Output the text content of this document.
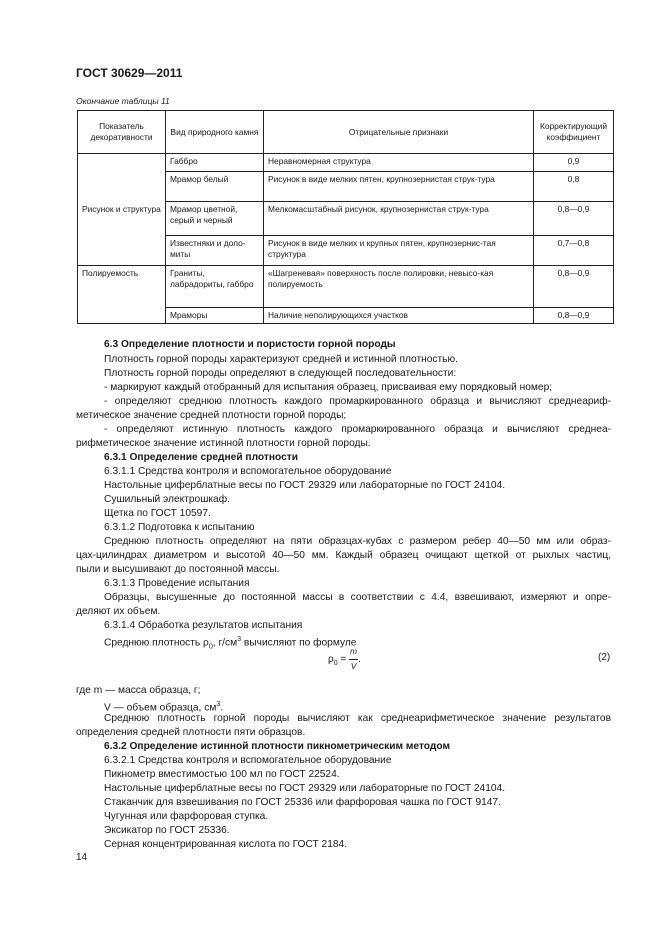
ГОСТ 30629—2011
Окончание таблицы 11
Показатель декоративности	Вид природного камня	Отрицательные признаки	Корректирующий коэффициент
Рисунок и структура	Габбро	Неравномерная структура	0,9
	Мрамор белый	Рисунок в виде мелких пятен, крупнозернистая струк-тура	0,8
	Мрамор цветной, серый и черный	Мелкомасштабный рисунок, крупнозернистая струк-тура	0,8—0,9
	Известняки и доло-миты	Рисунок в виде мелких и крупных пятен, крупнозернис-тая структура	0,7—0,8
Полируемость	Граниты, лабрадориты, габбро	«Шагреневая» поверхность после полировки, невысо-кая полируемость	0,8—0,9
	Мраморы	Наличие неполирующихся участков	0,8—0,9
6.3 Определение плотности и пористости горной породы
Плотность горной породы характеризуют средней и истинной плотностью.
Плотность горной породы определяют в следующей последовательности:
- маркируют каждый отобранный для испытания образец, присваивая ему порядковый номер;
- определяют среднюю плотность каждого промаркированного образца и вычисляют среднеариф-
метическое значение средней плотности горной породы;
- определяют истинную плотность каждого промаркированного образца и вычисляют среднеа-
рифметическое значение истинной плотности горной породы.
6.3.1 Определение средней плотности
6.3.1.1 Средства контроля и вспомогательное оборудование
Настольные циферблатные весы по ГОСТ 29329 или лабораторные по ГОСТ 24104.
Сушильный электрошкаф.
Щетка по ГОСТ 10597.
6.3.1.2 Подготовка к испытанию
Среднюю плотность определяют на пяти образцах-кубах с размером ребер 40—50 мм или образ-
цах-цилиндрах диаметром и высотой 40—50 мм. Каждый образец очищают щеткой от рыхлых частиц,
пыли и высушивают до постоянной массы.
6.3.1.3 Проведение испытания
Образцы, высушенные до постоянной массы в соответствии с 4.4, взвешивают, измеряют и опре-
деляют их объем.
6.3.1.4 Обработка результатов испытания
Среднюю плотность $\rho_0$, $г/см^3$ вычисляют по формуле
$\rho_0 = \frac{m}{V}$ .	(2)
где m — масса образца, г;
V — объем образца, $см^3$.
Среднюю плотность горной породы вычисляют как среднеарифметическое значение результатов
определения средней плотности пяти образцов.
6.3.2 Определение истинной плотности пикнометрическим методом
6.3.2.1 Средства контроля и вспомогательное оборудование
Пикнометр вместимостью 100 мл по ГОСТ 22524.
Настольные циферблатные весы по ГОСТ 29329 или лабораторные по ГОСТ 24104.
Стаканчик для взвешивания по ГОСТ 25336 или фарфоровая чашка по ГОСТ 9147.
Чугунная или фарфоровая ступка.
Эксикатор по ГОСТ 25336.
Серная концентрированная кислота по ГОСТ 2184.
14
